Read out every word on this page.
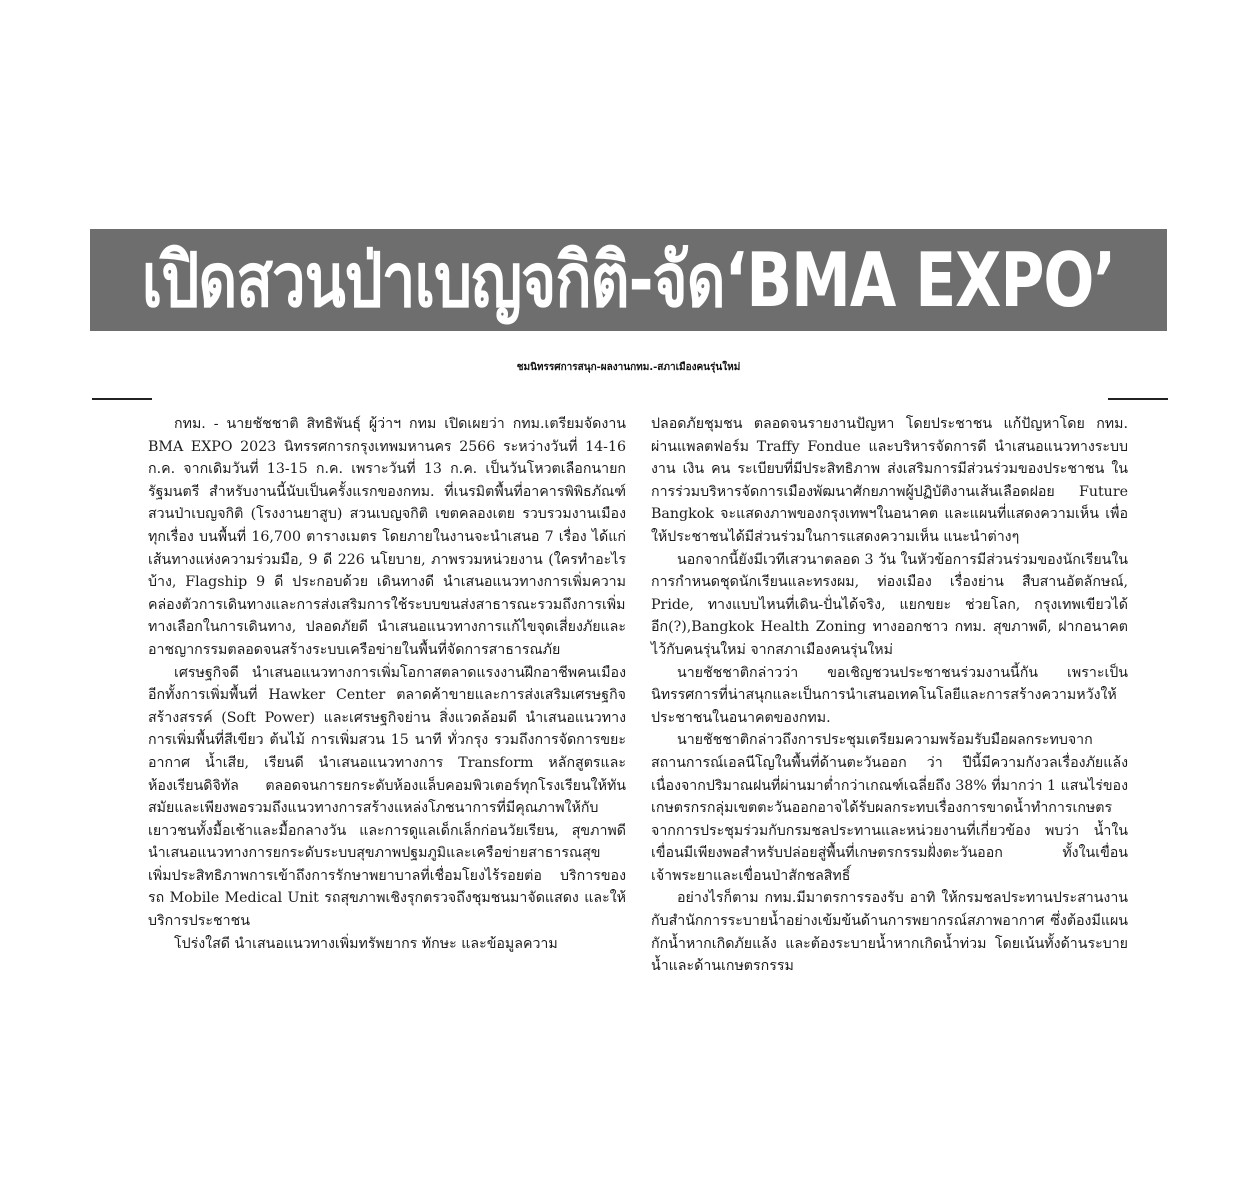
เปิดสวนป่าเบญจกิติ-จัด‘BMA EXPO’
ชมนิทรรศการสนุก-ผลงานกทม.-สภาเมืองคนรุ่นใหม่

กทม. - นายชัชชาติ สิทธิพันธุ์ ผู้ว่าฯ กทม เปิดเผยว่า กทม.เตรียมจัดงาน BMA EXPO 2023 นิทรรศการกรุงเทพมหานคร 2566 ระหว่างวันที่ 14-16 ก.ค. จากเดิมวันที่ 13-15 ก.ค. เพราะวันที่ 13 ก.ค. เป็นวันโหวตเลือกนายกรัฐมนตรี สำหรับงานนี้นับเป็นครั้งแรกของกทม. ที่เนรมิตพื้นที่อาคารพิพิธภัณฑ์สวนป่าเบญจกิติ (โรงงานยาสูบ) สวนเบญจกิติ เขตคลองเตย รวบรวมงานเมืองทุกเรื่อง บนพื้นที่ 16,700 ตารางเมตร โดยภายในงานจะนำเสนอ 7 เรื่อง ได้แก่ เส้นทางแห่งความร่วมมือ, 9 ดี 226 นโยบาย, ภาพรวมหน่วยงาน (ใครทำอะไรบ้าง, Flagship 9 ดี ประกอบด้วย เดินทางดี นำเสนอแนวทางการเพิ่มความคล่องตัวการเดินทางและการส่งเสริมการใช้ระบบขนส่งสาธารณะรวมถึงการเพิ่มทางเลือกในการเดินทาง, ปลอดภัยดี นำเสนอแนวทางการแก้ไขจุดเสี่ยงภัยและอาชญากรรมตลอดจนสร้างระบบเครือข่ายในพื้นที่จัดการสาธารณภัย

เศรษฐกิจดี นำเสนอแนวทางการเพิ่มโอกาสตลาดแรงงานฝึกอาชีพคนเมือง อีกทั้งการเพิ่มพื้นที่ Hawker Center ตลาดค้าขายและการส่งเสริมเศรษฐกิจสร้างสรรค์ (Soft Power) และเศรษฐกิจย่าน สิ่งแวดล้อมดี นำเสนอแนวทางการเพิ่มพื้นที่สีเขียว ต้นไม้ การเพิ่มสวน 15 นาที ทั่วกรุง รวมถึงการจัดการขยะ อากาศ น้ำเสีย, เรียนดี นำเสนอแนวทางการ Transform หลักสูตรและห้องเรียนดิจิทัล ตลอดจนการยกระดับห้องแล็บคอมพิวเตอร์ทุกโรงเรียนให้ทันสมัยและเพียงพอรวมถึงแนวทางการสร้างแหล่งโภชนาการที่มีคุณภาพให้กับเยาวชนทั้งมื้อเช้าและมื้อกลางวัน และการดูแลเด็กเล็กก่อนวัยเรียน, สุขภาพดี นำเสนอแนวทางการยกระดับระบบสุขภาพปฐมภูมิและเครือข่ายสาธารณสุข เพิ่มประสิทธิภาพการเข้าถึงการรักษาพยาบาลที่เชื่อมโยงไร้รอยต่อ บริการของรถ Mobile Medical Unit รถสุขภาพเชิงรุกตรวจถึงชุมชนมาจัดแสดง และให้บริการประชาชน

โปร่งใสดี นำเสนอแนวทางเพิ่มทรัพยากร ทักษะ และข้อมูลความ

ปลอดภัยชุมชน ตลอดจนรายงานปัญหา โดยประชาชน แก้ปัญหาโดย กทม. ผ่านแพลตฟอร์ม Traffy Fondue และบริหารจัดการดี นำเสนอแนวทางระบบงาน เงิน คน ระเบียบที่มีประสิทธิภาพ ส่งเสริมการมีส่วนร่วมของประชาชน ในการร่วมบริหารจัดการเมืองพัฒนาศักยภาพผู้ปฏิบัติงานเส้นเลือดฝอย Future Bangkok จะแสดงภาพของกรุงเทพฯในอนาคต และแผนที่แสดงความเห็น เพื่อให้ประชาชนได้มีส่วนร่วมในการแสดงความเห็น แนะนำต่างๆ

นอกจากนี้ยังมีเวทีเสวนาตลอด 3 วัน ในหัวข้อการมีส่วนร่วมของนักเรียนในการกำหนดชุดนักเรียนและทรงผม, ท่องเมือง เรื่องย่าน สืบสานอัตลักษณ์, Pride, ทางแบบไหนที่เดิน-ปั่นได้จริง, แยกขยะ ช่วยโลก, กรุงเทพเขียวได้อีก(?),Bangkok Health Zoning ทางออกชาว กทม. สุขภาพดี, ฝากอนาคตไว้กับคนรุ่นใหม่ จากสภาเมืองคนรุ่นใหม่

นายชัชชาติกล่าวว่า ขอเชิญชวนประชาชนร่วมงานนี้กัน เพราะเป็นนิทรรศการที่น่าสนุกและเป็นการนำเสนอเทคโนโลยีและการสร้างความหวังให้ประชาชนในอนาคตของกทม.

นายชัชชาติกล่าวถึงการประชุมเตรียมความพร้อมรับมือผลกระทบจากสถานการณ์เอลนีโญในพื้นที่ด้านตะวันออก ว่า ปีนี้มีความกังวลเรื่องภัยแล้ง เนื่องจากปริมาณฝนที่ผ่านมาต่ำกว่าเกณฑ์เฉลี่ยถึง 38% ที่มากว่า 1 แสนไร่ของเกษตรกรกลุ่มเขตตะวันออกอาจได้รับผลกระทบเรื่องการขาดน้ำทำการเกษตร จากการประชุมร่วมกับกรมชลประทานและหน่วยงานที่เกี่ยวข้อง พบว่า น้ำในเขื่อนมีเพียงพอสำหรับปล่อยสู่พื้นที่เกษตรกรรมฝั่งตะวันออก ทั้งในเขื่อนเจ้าพระยาและเขื่อนป่าสักชลสิทธิ์

อย่างไรก็ตาม กทม.มีมาตรการรองรับ อาทิ ให้กรมชลประทานประสานงานกับสำนักการระบายน้ำอย่างเข้มข้นด้านการพยากรณ์สภาพอากาศ ซึ่งต้องมีแผนกักน้ำหากเกิดภัยแล้ง และต้องระบายน้ำหากเกิดน้ำท่วม โดยเน้นทั้งด้านระบายน้ำและด้านเกษตรกรรม
